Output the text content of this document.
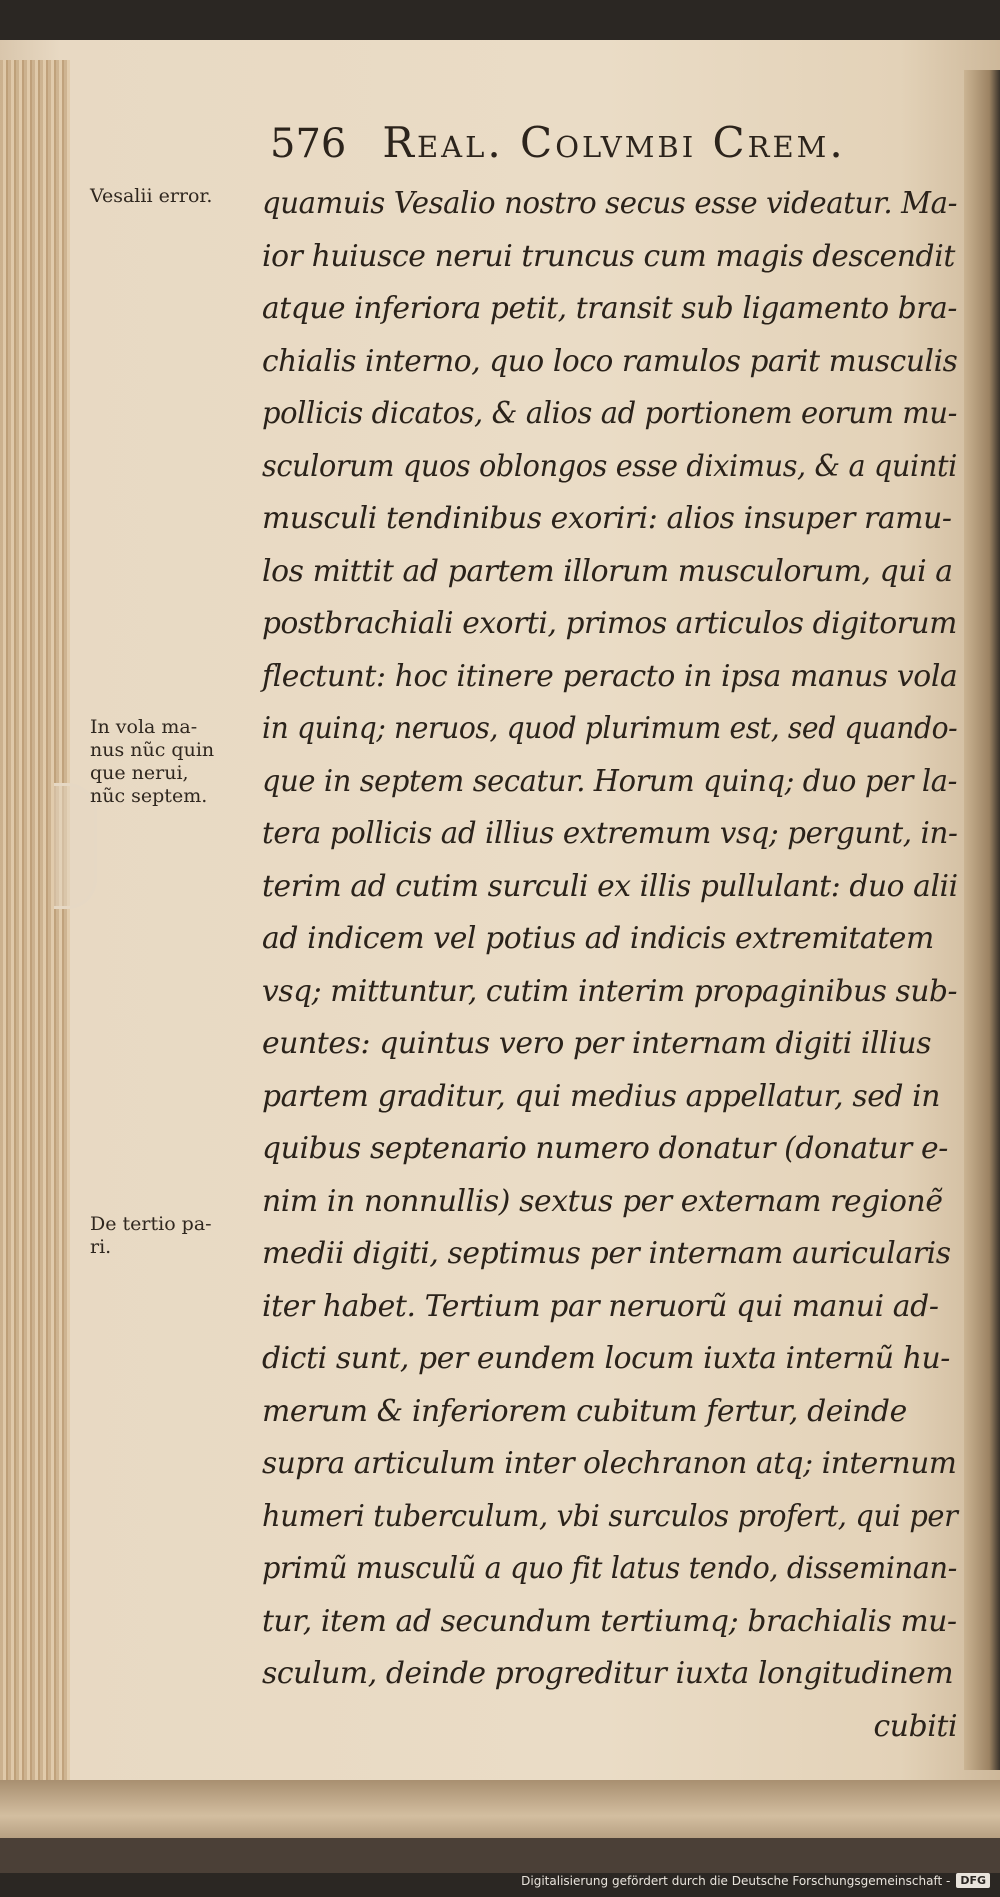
576 Real. Colvmbi Crem.
Vesalii error.
In vola ma-
nus nũc quin
que nerui,
nũc septem.
De tertio pa-
ri.
quamuis Vesalio nostro secus esse videatur. Ma-
ior huiusce nerui truncus cum magis descendit
atque inferiora petit, transit sub ligamento bra-
chialis interno, quo loco ramulos parit musculis
pollicis dicatos, & alios ad portionem eorum mu-
sculorum quos oblongos esse diximus, & a quinti
musculi tendinibus exoriri: alios insuper ramu-
los mittit ad partem illorum musculorum, qui a
postbrachiali exorti, primos articulos digitorum
flectunt: hoc itinere peracto in ipsa manus vola
in quinq; neruos, quod plurimum est, sed quando-
que in septem secatur. Horum quinq; duo per la-
tera pollicis ad illius extremum vsq; pergunt, in-
terim ad cutim surculi ex illis pullulant: duo alii
ad indicem vel potius ad indicis extremitatem
vsq; mittuntur, cutim interim propaginibus sub-
euntes: quintus vero per internam digiti illius
partem graditur, qui medius appellatur, sed in
quibus septenario numero donatur (donatur e-
nim in nonnullis) sextus per externam regionẽ
medii digiti, septimus per internam auricularis
iter habet. Tertium par neruorũ qui manui ad-
dicti sunt, per eundem locum iuxta internũ hu-
merum & inferiorem cubitum fertur, deinde
supra articulum inter olechranon atq; internum
humeri tuberculum, vbi surculos profert, qui per
primũ musculũ a quo fit latus tendo, disseminan-
tur, item ad secundum tertiumq; brachialis mu-
sculum, deinde progreditur iuxta longitudinem
cubiti
Digitalisierung gefördert durch die Deutsche Forschungsgemeinschaft - DFG
